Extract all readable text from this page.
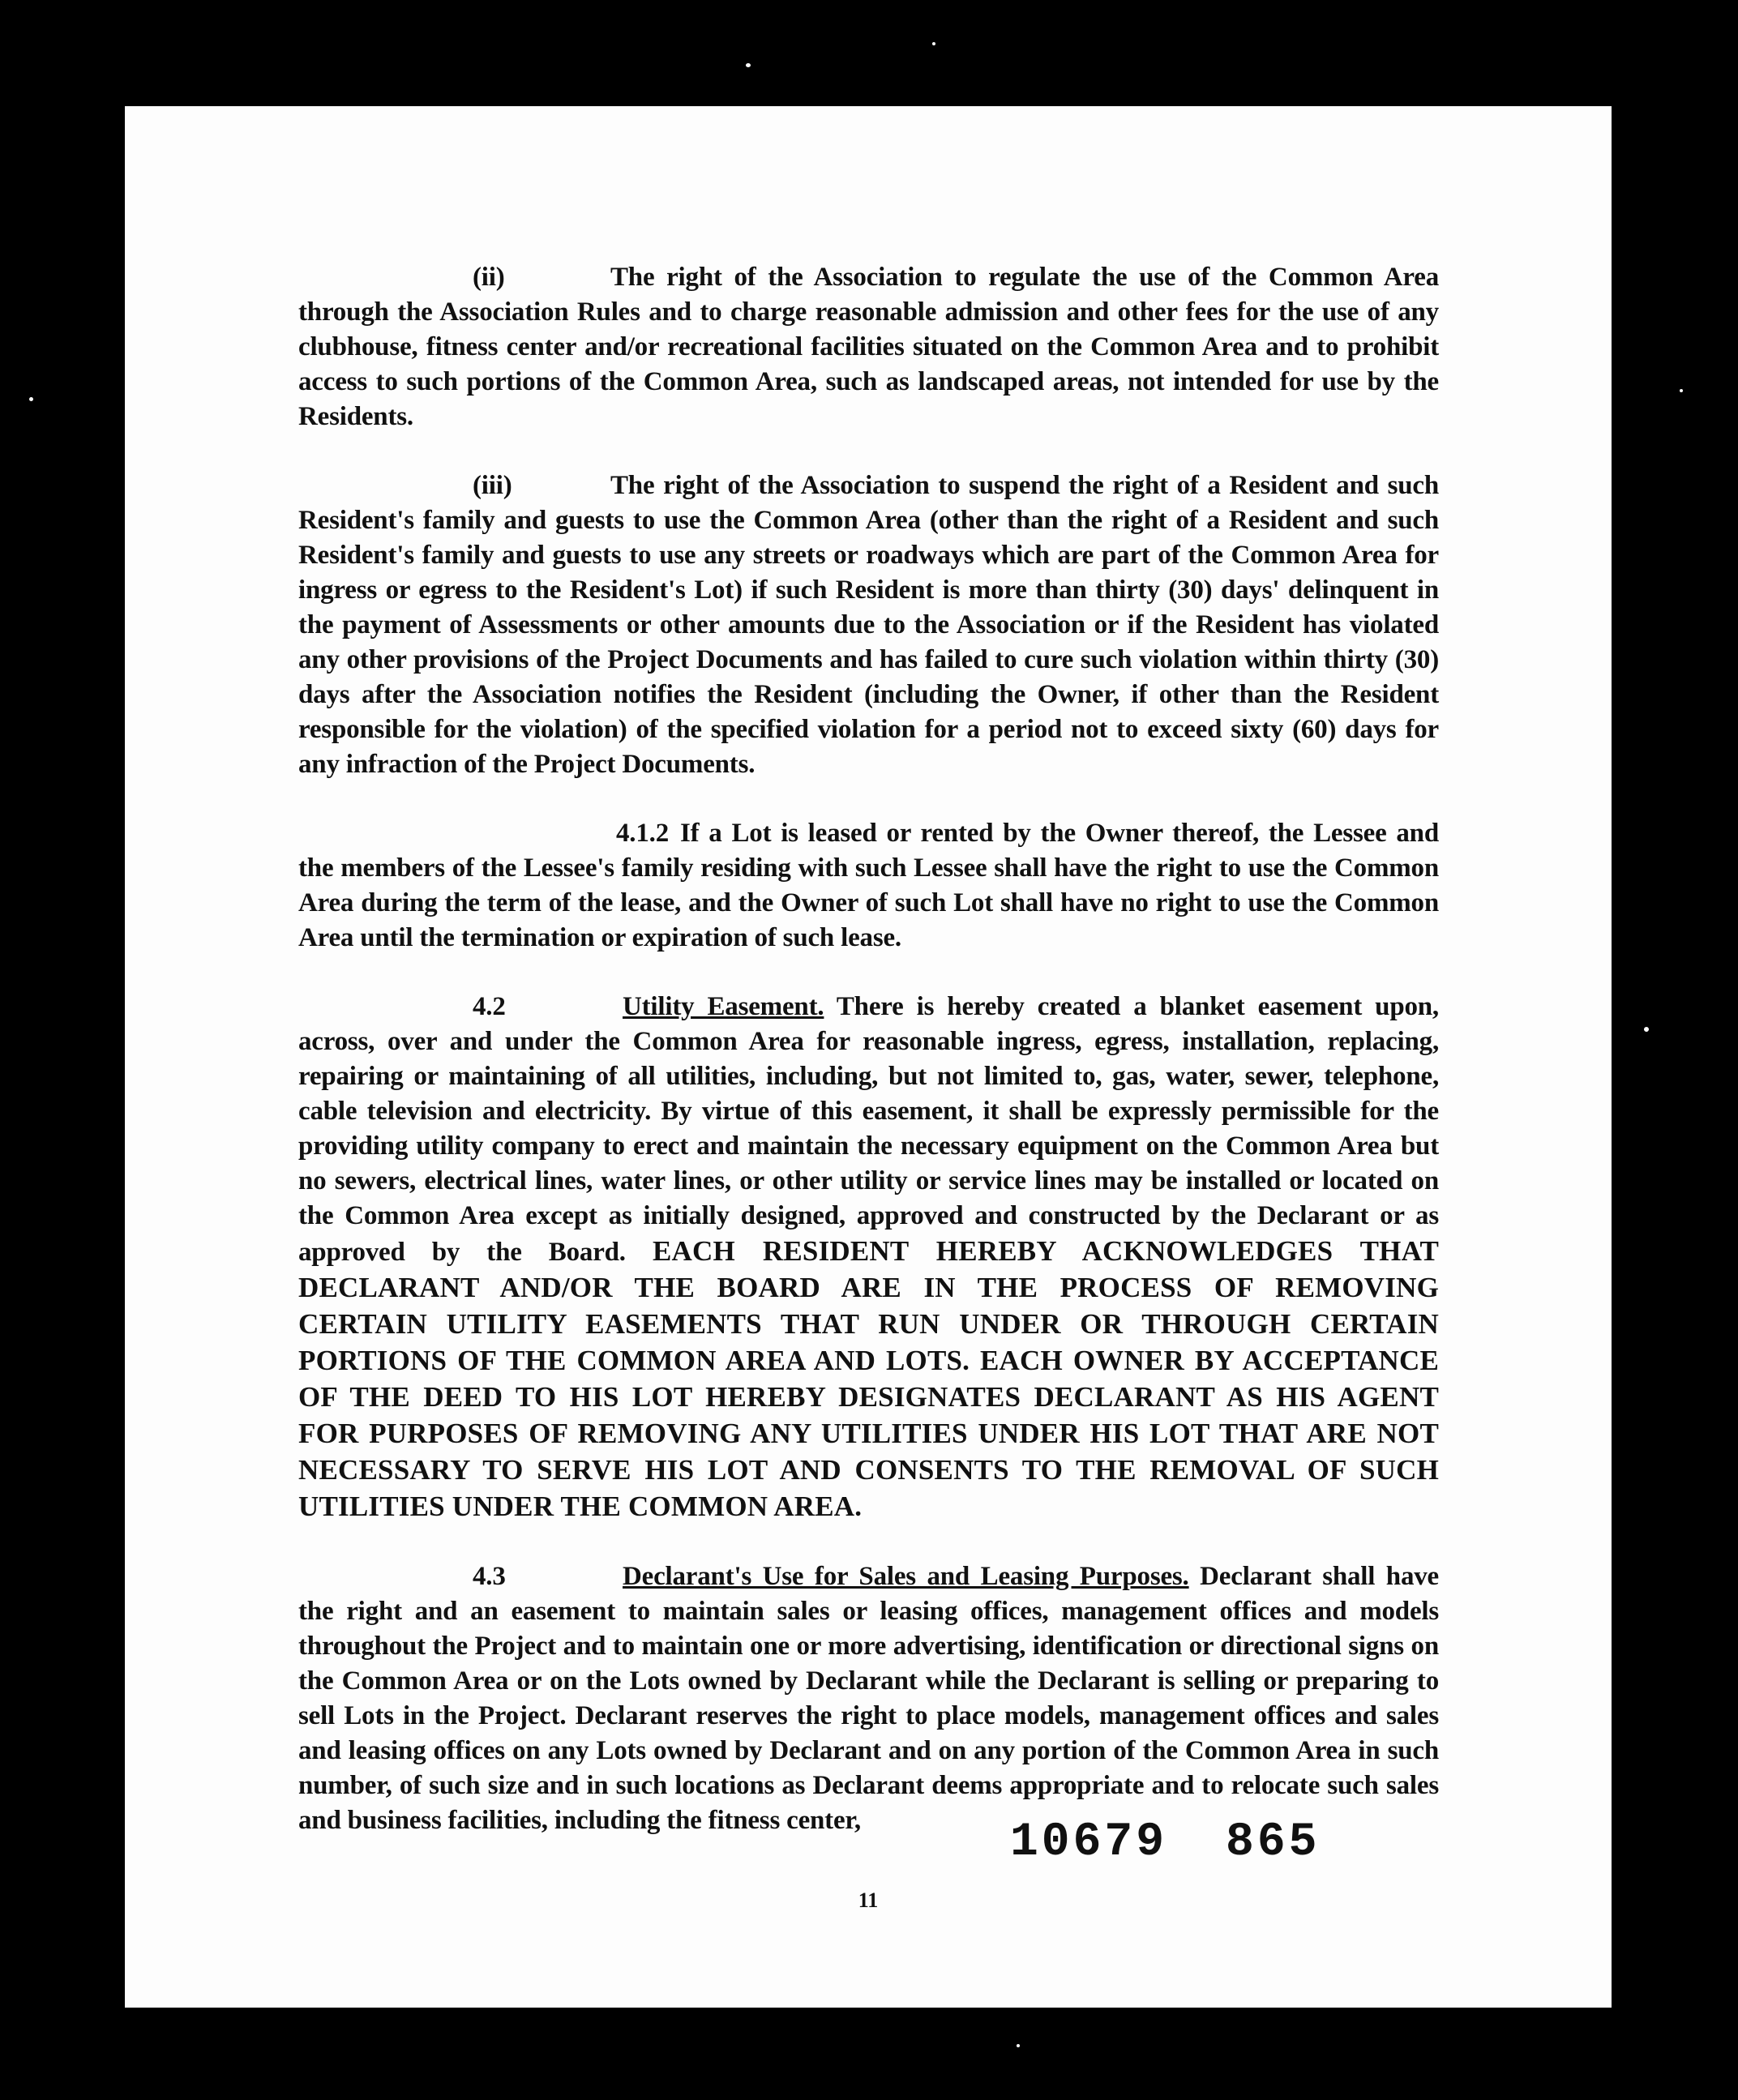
(ii)	The right of the Association to regulate the use of the Common Area through the Association Rules and to charge reasonable admission and other fees for the use of any clubhouse, fitness center and/or recreational facilities situated on the Common Area and to prohibit access to such portions of the Common Area, such as landscaped areas, not intended for use by the Residents.

(iii)	The right of the Association to suspend the right of a Resident and such Resident's family and guests to use the Common Area (other than the right of a Resident and such Resident's family and guests to use any streets or roadways which are part of the Common Area for ingress or egress to the Resident's Lot) if such Resident is more than thirty (30) days' delinquent in the payment of Assessments or other amounts due to the Association or if the Resident has violated any other provisions of the Project Documents and has failed to cure such violation within thirty (30) days after the Association notifies the Resident (including the Owner, if other than the Resident responsible for the violation) of the specified violation for a period not to exceed sixty (60) days for any infraction of the Project Documents.

4.1.2 If a Lot is leased or rented by the Owner thereof, the Lessee and the members of the Lessee's family residing with such Lessee shall have the right to use the Common Area during the term of the lease, and the Owner of such Lot shall have no right to use the Common Area until the termination or expiration of such lease.

4.2	Utility Easement. There is hereby created a blanket easement upon, across, over and under the Common Area for reasonable ingress, egress, installation, replacing, repairing or maintaining of all utilities, including, but not limited to, gas, water, sewer, telephone, cable television and electricity. By virtue of this easement, it shall be expressly permissible for the providing utility company to erect and maintain the necessary equipment on the Common Area but no sewers, electrical lines, water lines, or other utility or service lines may be installed or located on the Common Area except as initially designed, approved and constructed by the Declarant or as approved by the Board. EACH RESIDENT HEREBY ACKNOWLEDGES THAT DECLARANT AND/OR THE BOARD ARE IN THE PROCESS OF REMOVING CERTAIN UTILITY EASEMENTS THAT RUN UNDER OR THROUGH CERTAIN PORTIONS OF THE COMMON AREA AND LOTS. EACH OWNER BY ACCEPTANCE OF THE DEED TO HIS LOT HEREBY DESIGNATES DECLARANT AS HIS AGENT FOR PURPOSES OF REMOVING ANY UTILITIES UNDER HIS LOT THAT ARE NOT NECESSARY TO SERVE HIS LOT AND CONSENTS TO THE REMOVAL OF SUCH UTILITIES UNDER THE COMMON AREA.

4.3	Declarant's Use for Sales and Leasing Purposes. Declarant shall have the right and an easement to maintain sales or leasing offices, management offices and models throughout the Project and to maintain one or more advertising, identification or directional signs on the Common Area or on the Lots owned by Declarant while the Declarant is selling or preparing to sell Lots in the Project. Declarant reserves the right to place models, management offices and sales and leasing offices on any Lots owned by Declarant and on any portion of the Common Area in such number, of such size and in such locations as Declarant deems appropriate and to relocate such sales and business facilities, including the fitness center,

11
10679 865
